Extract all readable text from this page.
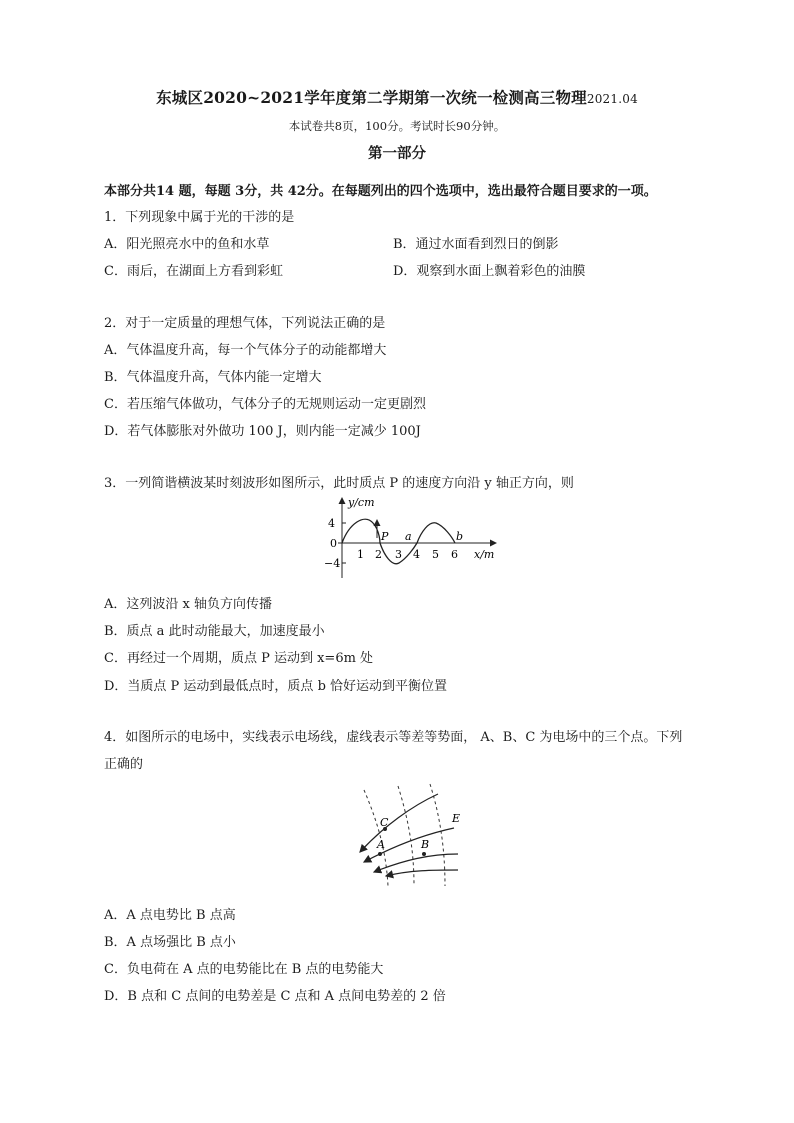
东城区2020~2021学年度第二学期第一次统一检测高三物理2021.04
本试卷共8页，100分。考试时长90分钟。
第一部分
本部分共14 题，每题 3分，共 42分。在每题列出的四个选项中，选出最符合题目要求的一项。
1．下列现象中属于光的干涉的是
A．阳光照亮水中的鱼和水草	B．通过水面看到烈日的倒影
C．雨后，在湖面上方看到彩虹	D．观察到水面上飘着彩色的油膜
2．对于一定质量的理想气体，下列说法正确的是
A．气体温度升高，每一个气体分子的动能都增大
B．气体温度升高，气体内能一定增大
C．若压缩气体做功，气体分子的无规则运动一定更剧烈
D．若气体膨胀对外做功 100 J，则内能一定减少 100J
3．一列简谐横波某时刻波形如图所示，此时质点 P 的速度方向沿 y 轴正方向，则
y/cm
4
0
−4
1 2 3 4 5 6 x/m
P a	b
A．这列波沿 x 轴负方向传播
B．质点 a 此时动能最大，加速度最小
C．再经过一个周期，质点 P 运动到 x=6m 处
D．当质点 P 运动到最低点时，质点 b 恰好运动到平衡位置
4．如图所示的电场中，实线表示电场线，虚线表示等差等势面， A、B、C 为电场中的三个点。下列
正确的
C
A	B
E
A．A 点电势比 B 点高
B．A 点场强比 B 点小
C．负电荷在 A 点的电势能比在 B 点的电势能大
D．B 点和 C 点间的电势差是 C 点和 A 点间电势差的 2 倍
